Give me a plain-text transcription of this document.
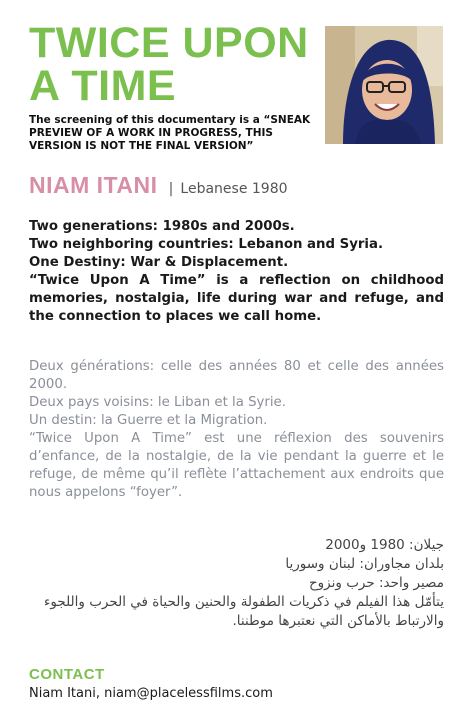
TWICE UPON A TIME
The screening of this documentary is a “SNEAK PREVIEW OF A WORK IN PROGRESS, THIS VERSION IS NOT THE FINAL VERSION”
NIAM ITANI | Lebanese 1980

Two generations: 1980s and 2000s.

Two neighboring countries: Lebanon and Syria.

One Destiny: War & Displacement.

“Twice Upon A Time” is a reflection on childhood memories, nostalgia, life during war and refuge, and the connection to places we call home.

Deux générations: celle des années 80 et celle des années 2000.

Deux pays voisins: le Liban et la Syrie.

Un destin: la Guerre et la Migration.

“Twice Upon A Time” est une réflexion des souvenirs d’enfance, de la nostalgie, de la vie pendant la guerre et le refuge, de même qu’il reflète l’attachement aux endroits que nous appelons “foyer”.

جيلان: 1980 و2000

بلدان مجاوران: لبنان وسوريا

مصير واحد: حرب ونزوح

يتأمّل هذا الفيلم في ذكريات الطفولة والحنين والحياة في الحرب واللجوء والارتباط بالأماكن التي نعتبرها موطننا.

CONTACT
Niam Itani, niam@placelessfilms.com
